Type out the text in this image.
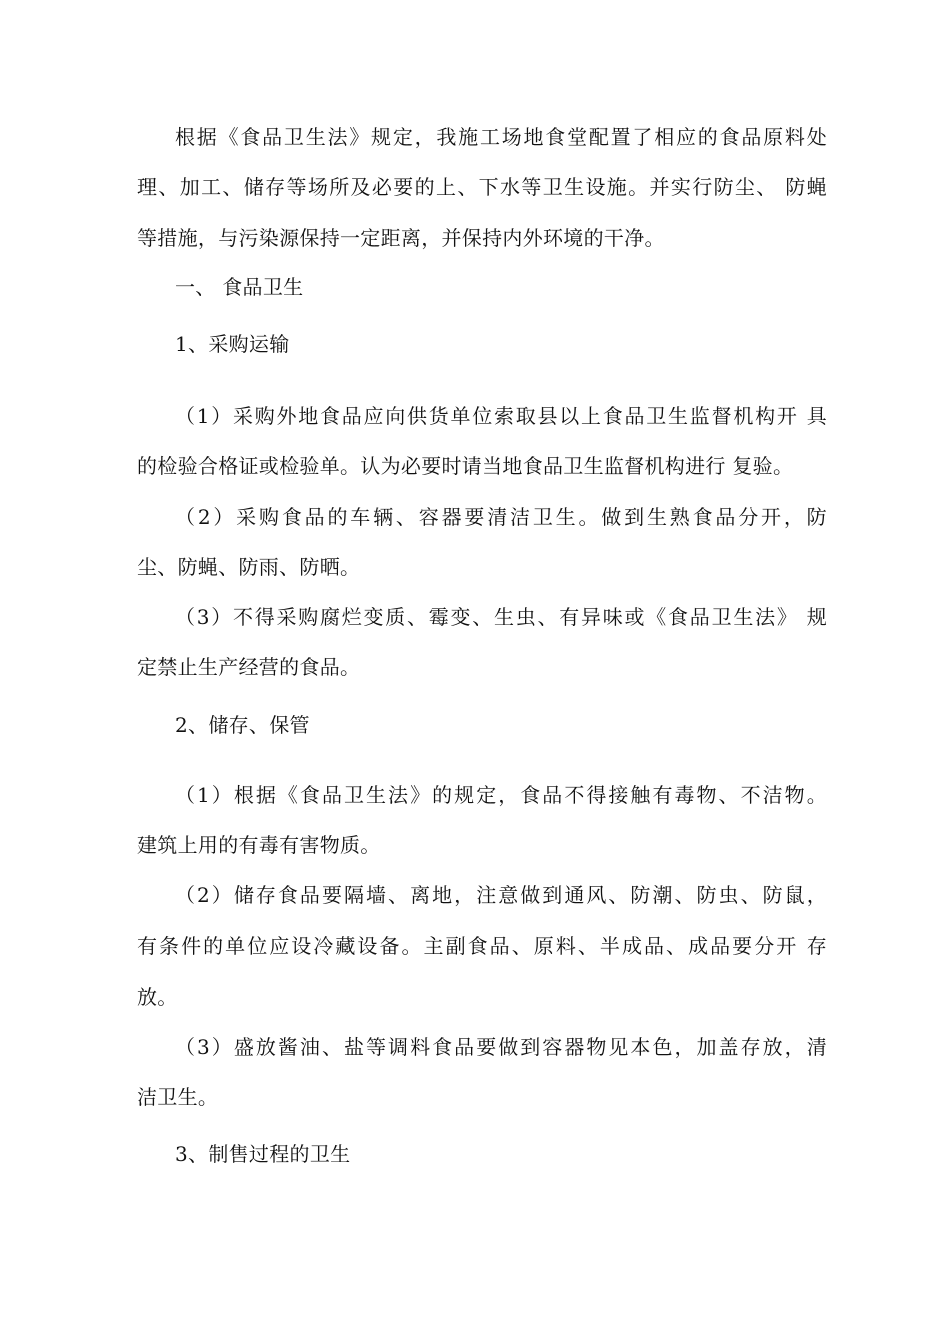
根据《食品卫生法》规定，我施工场地食堂配置了相应的食品原料处
理、加工、储存等场所及必要的上、下水等卫生设施。并实行防尘、 防蝇
等措施，与污染源保持一定距离，并保持内外环境的干净。
一、 食品卫生
1、采购运输
（1）采购外地食品应向供货单位索取县以上食品卫生监督机构开 具
的检验合格证或检验单。认为必要时请当地食品卫生监督机构进行 复验。
（2）采购食品的车辆、容器要清洁卫生。做到生熟食品分开，防
尘、防蝇、防雨、防晒。
（3）不得采购腐烂变质、霉变、生虫、有异味或《食品卫生法》 规
定禁止生产经营的食品。
2、储存、保管
（1）根据《食品卫生法》的规定，食品不得接触有毒物、不洁物。
建筑上用的有毒有害物质。
（2）储存食品要隔墙、离地，注意做到通风、防潮、防虫、防鼠，
有条件的单位应设冷藏设备。主副食品、原料、半成品、成品要分开 存
放。
（3）盛放酱油、盐等调料食品要做到容器物见本色，加盖存放，清
洁卫生。
3、制售过程的卫生
